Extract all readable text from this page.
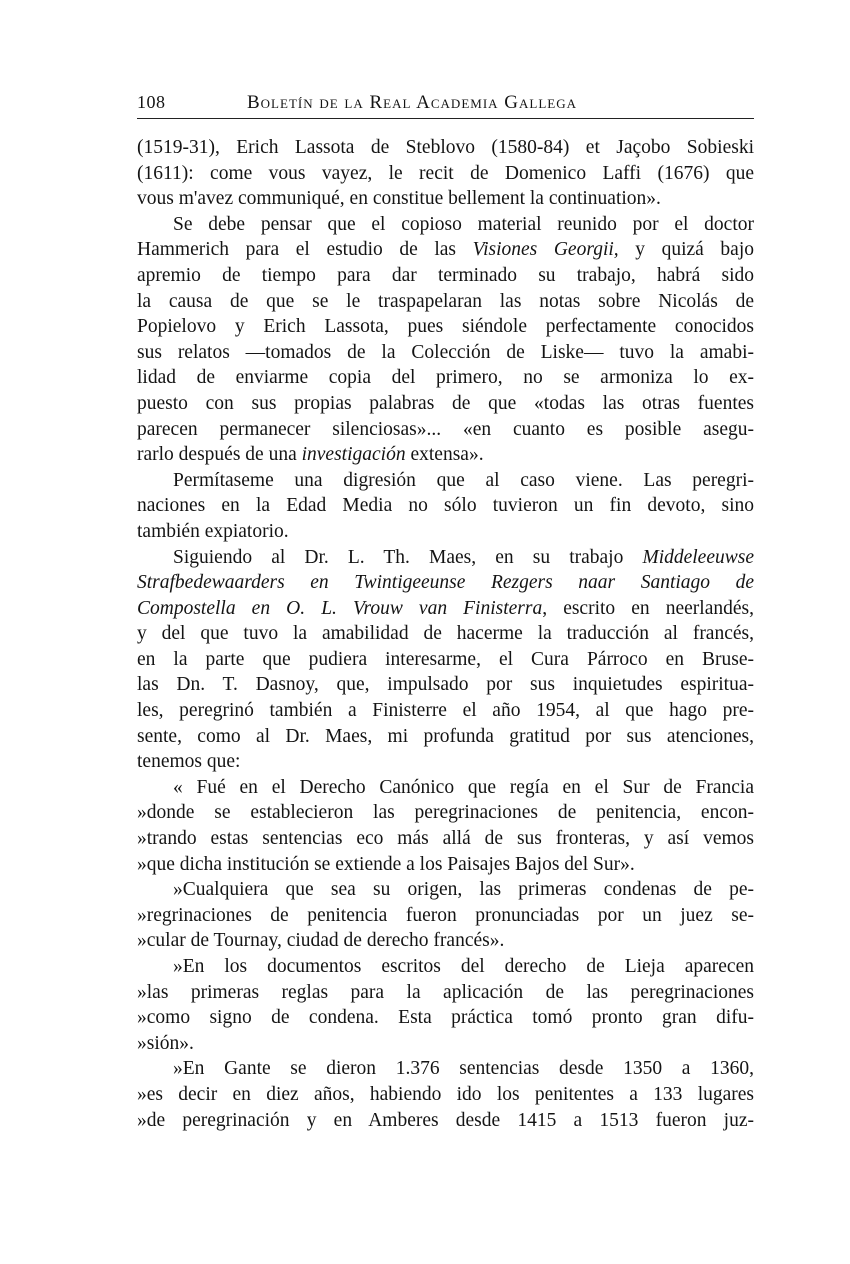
108	Boletín de la Real Academia Gallega
(1519-31), Erich Lassota de Steblovo (1580-84) et Jaçobo Sobieski
(1611): come vous vayez, le recit de Domenico Laffi (1676) que
vous m'avez communiqué, en constitue bellement la continuation».
Se debe pensar que el copioso material reunido por el doctor
Hammerich para el estudio de las Visiones Georgii, y quizá bajo
apremio de tiempo para dar terminado su trabajo, habrá sido
la causa de que se le traspapelaran las notas sobre Nicolás de
Popielovo y Erich Lassota, pues siéndole perfectamente conocidos
sus relatos —tomados de la Colección de Liske— tuvo la amabi-
lidad de enviarme copia del primero, no se armoniza lo ex-
puesto con sus propias palabras de que «todas las otras fuentes
parecen permanecer silenciosas»... «en cuanto es posible asegu-
rarlo después de una investigación extensa».
Permítaseme una digresión que al caso viene. Las peregri-
naciones en la Edad Media no sólo tuvieron un fin devoto, sino
también expiatorio.
Siguiendo al Dr. L. Th. Maes, en su trabajo Middeleeuwse
Strafbedewaarders en Twintigeeunse Rezgers naar Santiago de
Compostella en O. L. Vrouw van Finisterra, escrito en neerlandés,
y del que tuvo la amabilidad de hacerme la traducción al francés,
en la parte que pudiera interesarme, el Cura Párroco en Bruse-
las Dn. T. Dasnoy, que, impulsado por sus inquietudes espiritua-
les, peregrinó también a Finisterre el año 1954, al que hago pre-
sente, como al Dr. Maes, mi profunda gratitud por sus atenciones,
tenemos que:
« Fué en el Derecho Canónico que regía en el Sur de Francia
»donde se establecieron las peregrinaciones de penitencia, encon-
»trando estas sentencias eco más allá de sus fronteras, y así vemos
»que dicha institución se extiende a los Paisajes Bajos del Sur».
»Cualquiera que sea su origen, las primeras condenas de pe-
»regrinaciones de penitencia fueron pronunciadas por un juez se-
»cular de Tournay, ciudad de derecho francés».
»En los documentos escritos del derecho de Lieja aparecen
»las primeras reglas para la aplicación de las peregrinaciones
»como signo de condena. Esta práctica tomó pronto gran difu-
»sión».
»En Gante se dieron 1.376 sentencias desde 1350 a 1360,
»es decir en diez años, habiendo ido los penitentes a 133 lugares
»de peregrinación y en Amberes desde 1415 a 1513 fueron juz-
